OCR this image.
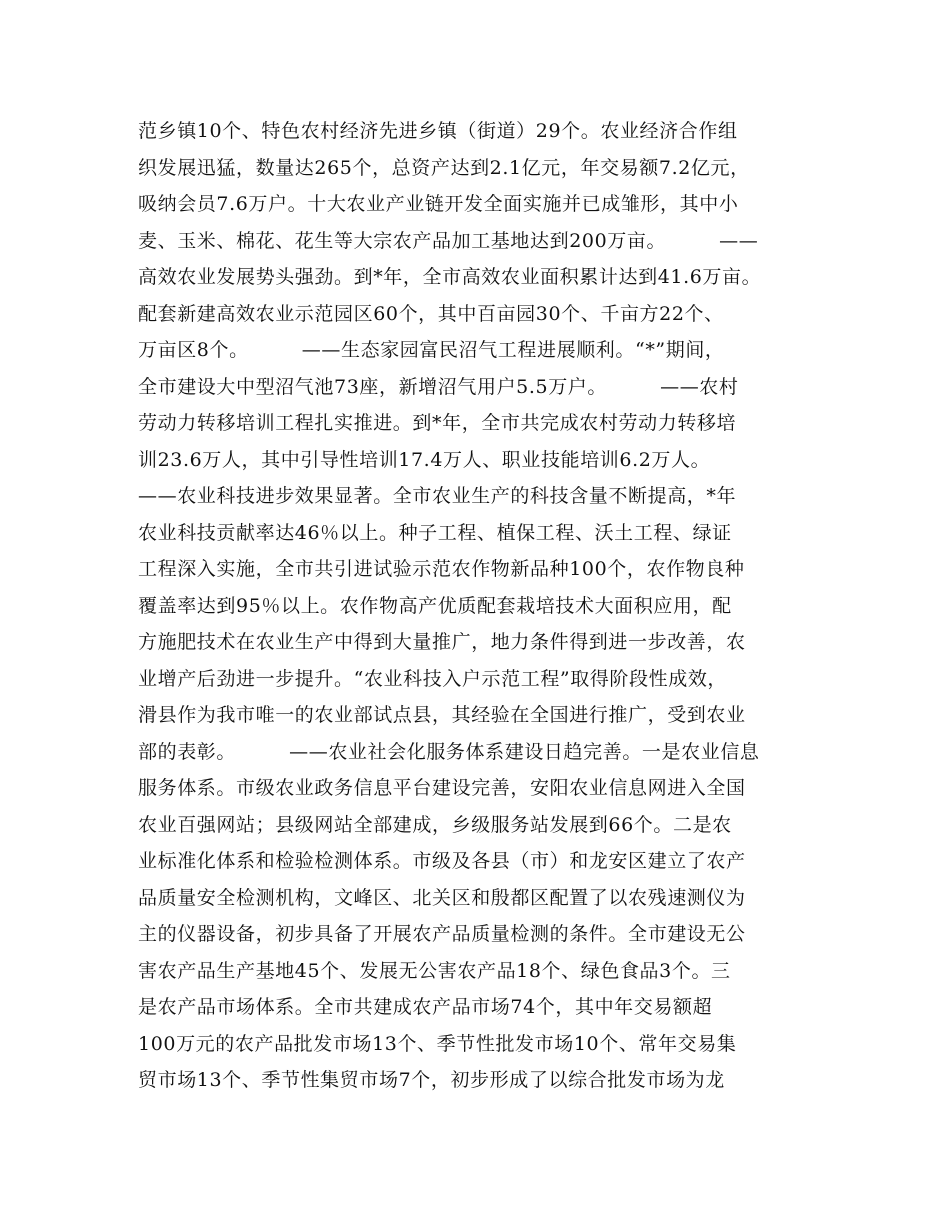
范乡镇10个、特色农村经济先进乡镇（街道）29个。农业经济合作组
织发展迅猛，数量达265个，总资产达到2.1亿元，年交易额7.2亿元，
吸纳会员7.6万户。十大农业产业链开发全面实施并已成雏形，其中小
麦、玉米、棉花、花生等大宗农产品加工基地达到200万亩。        ——
高效农业发展势头强劲。到*年，全市高效农业面积累计达到41.6万亩。
配套新建高效农业示范园区60个，其中百亩园30个、千亩方22个、
万亩区8个。        ——生态家园富民沼气工程进展顺利。“*”期间，
全市建设大中型沼气池73座，新增沼气用户5.5万户。        ——农村
劳动力转移培训工程扎实推进。到*年，全市共完成农村劳动力转移培
训23.6万人，其中引导性培训17.4万人、职业技能培训6.2万人。
——农业科技进步效果显著。全市农业生产的科技含量不断提高，*年
农业科技贡献率达46％以上。种子工程、植保工程、沃土工程、绿证
工程深入实施，全市共引进试验示范农作物新品种100个，农作物良种
覆盖率达到95％以上。农作物高产优质配套栽培技术大面积应用，配
方施肥技术在农业生产中得到大量推广，地力条件得到进一步改善，农
业增产后劲进一步提升。“农业科技入户示范工程”取得阶段性成效，
滑县作为我市唯一的农业部试点县，其经验在全国进行推广，受到农业
部的表彰。        ——农业社会化服务体系建设日趋完善。一是农业信息
服务体系。市级农业政务信息平台建设完善，安阳农业信息网进入全国
农业百强网站；县级网站全部建成，乡级服务站发展到66个。二是农
业标准化体系和检验检测体系。市级及各县（市）和龙安区建立了农产
品质量安全检测机构，文峰区、北关区和殷都区配置了以农残速测仪为
主的仪器设备，初步具备了开展农产品质量检测的条件。全市建设无公
害农产品生产基地45个、发展无公害农产品18个、绿色食品3个。三
是农产品市场体系。全市共建成农产品市场74个，其中年交易额超
100万元的农产品批发市场13个、季节性批发市场10个、常年交易集
贸市场13个、季节性集贸市场7个，初步形成了以综合批发市场为龙
